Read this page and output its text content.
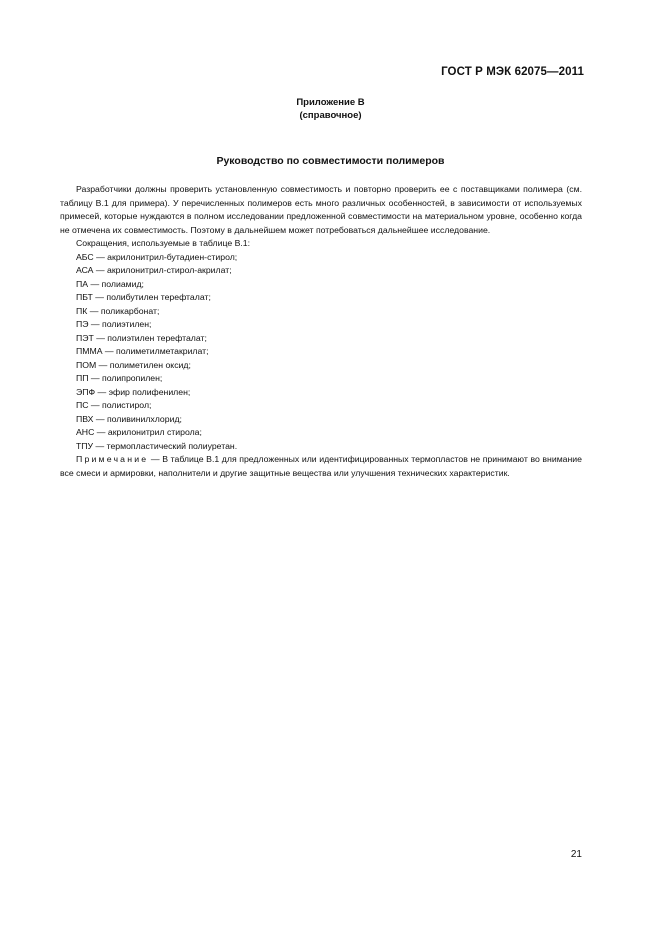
ГОСТ Р МЭК 62075—2011
Приложение В
(справочное)
Руководство по совместимости полимеров

Разработчики должны проверить установленную совместимость и повторно проверить ее с поставщиками полимера (см. таблицу В.1 для примера). У перечисленных полимеров есть много различных особенностей, в зависимости от используемых примесей, которые нуждаются в полном исследовании предложенной совместимости на материальном уровне, особенно когда не отмечена их совместимость. Поэтому в дальнейшем может потребоваться дальнейшее исследование.

Сокращения, используемые в таблице В.1:

АБС — акрилонитрил-бутадиен-стирол;
АСА — акрилонитрил-стирол-акрилат;
ПА — полиамид;
ПБТ — полибутилен терефталат;
ПК — поликарбонат;
ПЭ — полиэтилен;
ПЭТ — полиэтилен терефталат;
ПММА — полиметилметакрилат;
ПОМ — полиметилен оксид;
ПП — полипропилен;
ЭПФ — эфир полифенилен;
ПС — полистирол;
ПВХ — поливинилхлорид;
АНС — акрилонитрил стирола;
ТПУ — термопластический полиуретан.

Примечание — В таблице В.1 для предложенных или идентифицированных термопластов не принимают во внимание все смеси и армировки, наполнители и другие защитные вещества или улучшения технических характеристик.

21
